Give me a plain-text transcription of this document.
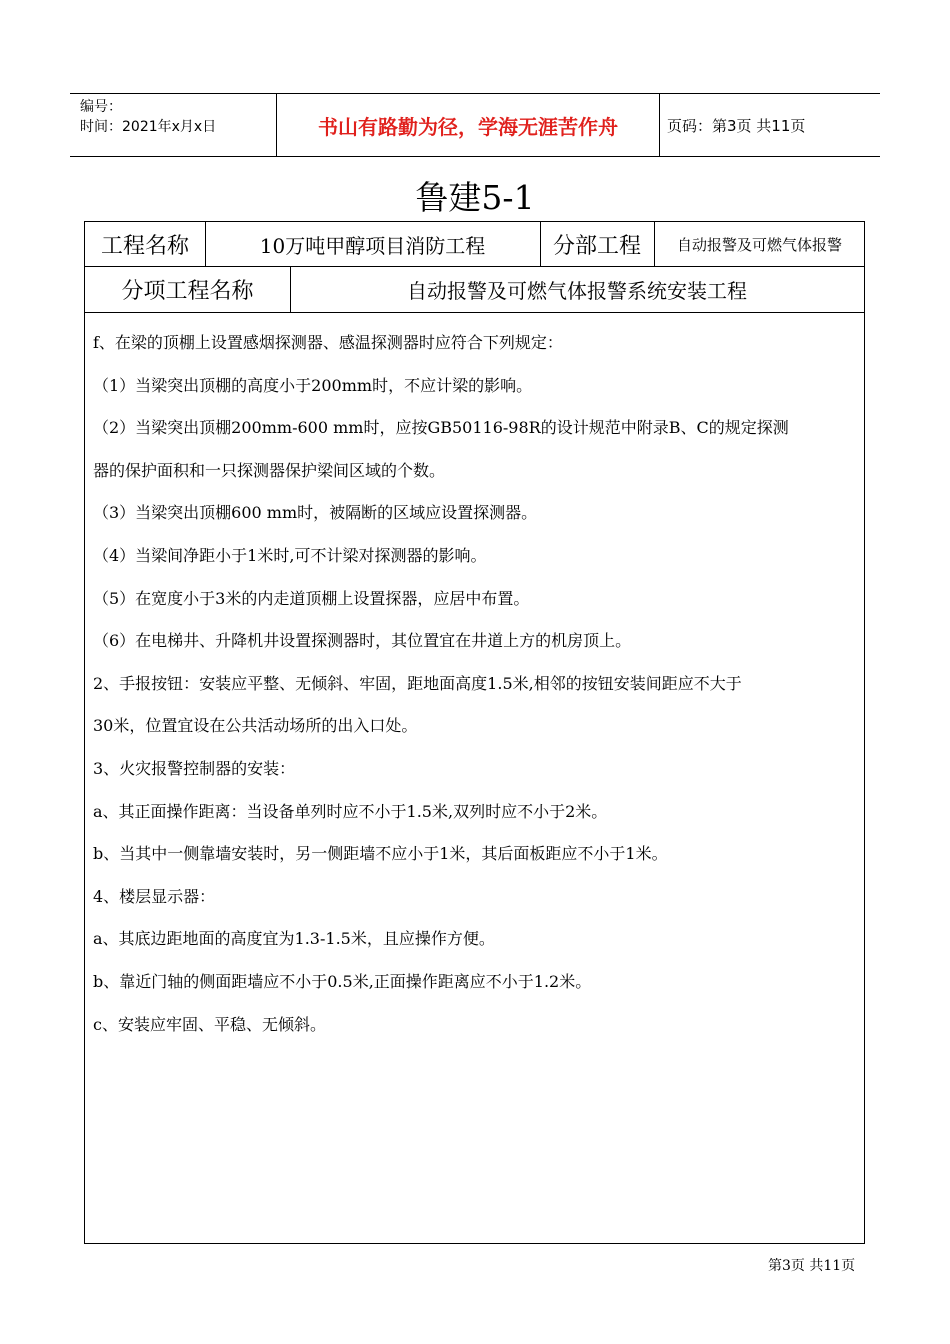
编号：
时间：2021年x月x日	书山有路勤为径，学海无涯苦作舟	页码：第3页 共11页
鲁建5-1
工程名称	10万吨甲醇项目消防工程	分部工程	自动报警及可燃气体报警
分项工程名称	自动报警及可燃气体报警系统安装工程

f、在梁的顶棚上设置感烟探测器、感温探测器时应符合下列规定：

（1）当梁突出顶棚的高度小于200mm时，不应计梁的影响。

（2）当梁突出顶棚200mm-600 mm时，应按GB50116-98R的设计规范中附录B、C的规定探测

器的保护面积和一只探测器保护梁间区域的个数。

（3）当梁突出顶棚600 mm时，被隔断的区域应设置探测器。

（4）当梁间净距小于1米时,可不计梁对探测器的影响。

（5）在宽度小于3米的内走道顶棚上设置探器，应居中布置。

（6）在电梯井、升降机井设置探测器时，其位置宜在井道上方的机房顶上。

2、手报按钮：安装应平整、无倾斜、牢固，距地面高度1.5米,相邻的按钮安装间距应不大于

30米，位置宜设在公共活动场所的出入口处。

3、火灾报警控制器的安装：

a、其正面操作距离：当设备单列时应不小于1.5米,双列时应不小于2米。

b、当其中一侧靠墙安装时，另一侧距墙不应小于1米，其后面板距应不小于1米。

4、楼层显示器：

a、其底边距地面的高度宜为1.3-1.5米，且应操作方便。

b、靠近门轴的侧面距墙应不小于0.5米,正面操作距离应不小于1.2米。

c、安装应牢固、平稳、无倾斜。

第3页 共11页
